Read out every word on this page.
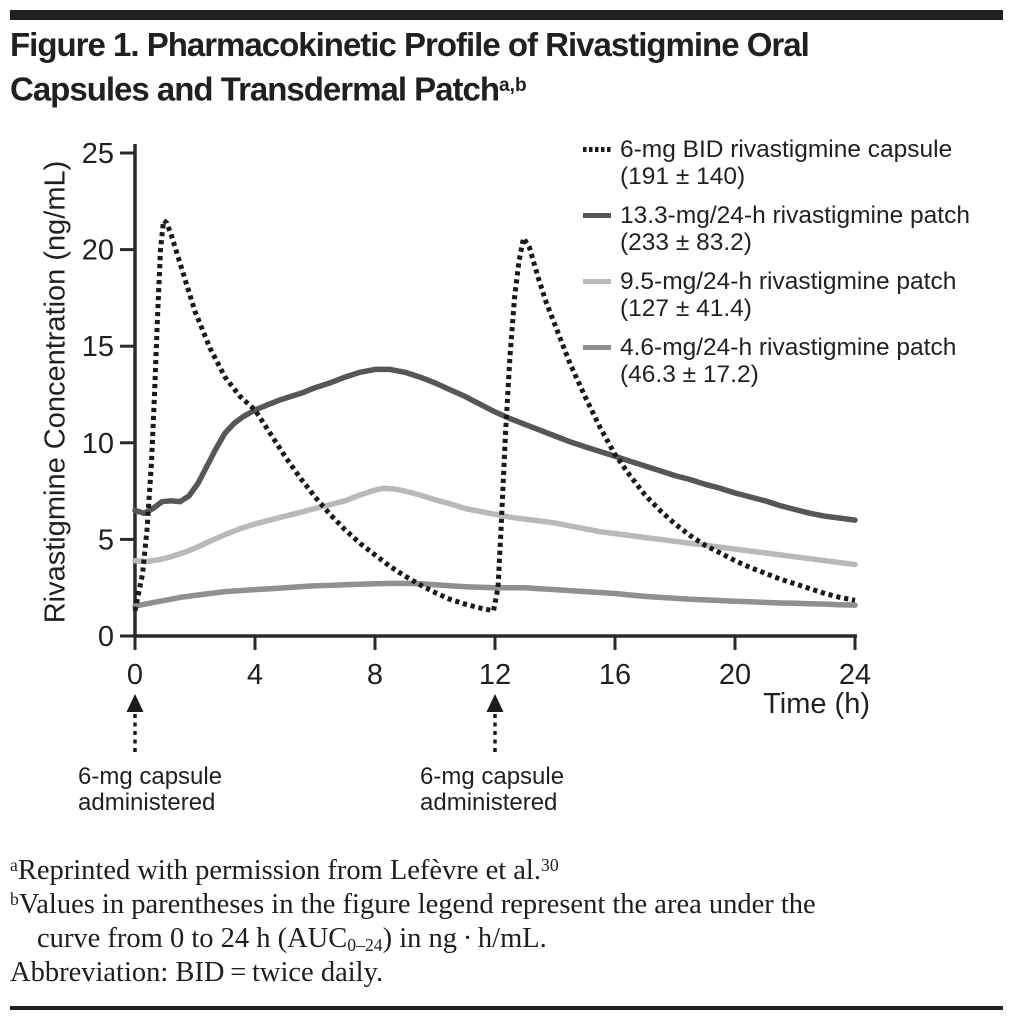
Figure 1. Pharmacokinetic Profile of Rivastigmine Oral
Capsules and Transdermal Patch$^{a,b}$
0
5
10
15
20
25
0	4	8	12	16	20	24
Rivastigmine Concentration (ng/mL)
Time (h)
6-mg BID rivastigmine capsule
(191 ± 140)
13.3-mg/24-h rivastigmine patch
(233 ± 83.2)
9.5-mg/24-h rivastigmine patch
(127 ± 41.4)
4.6-mg/24-h rivastigmine patch
(46.3 ± 17.2)
6-mg capsule
administered
6-mg capsule
administered
$^a$Reprinted with permission from Lefèvre et al.$^{30}$
$^b$Values in parentheses in the figure legend represent the area under the
curve from 0 to 24 h $(AUC_{0-24})$ in ng · h/mL.
Abbreviation: BID = twice daily.
